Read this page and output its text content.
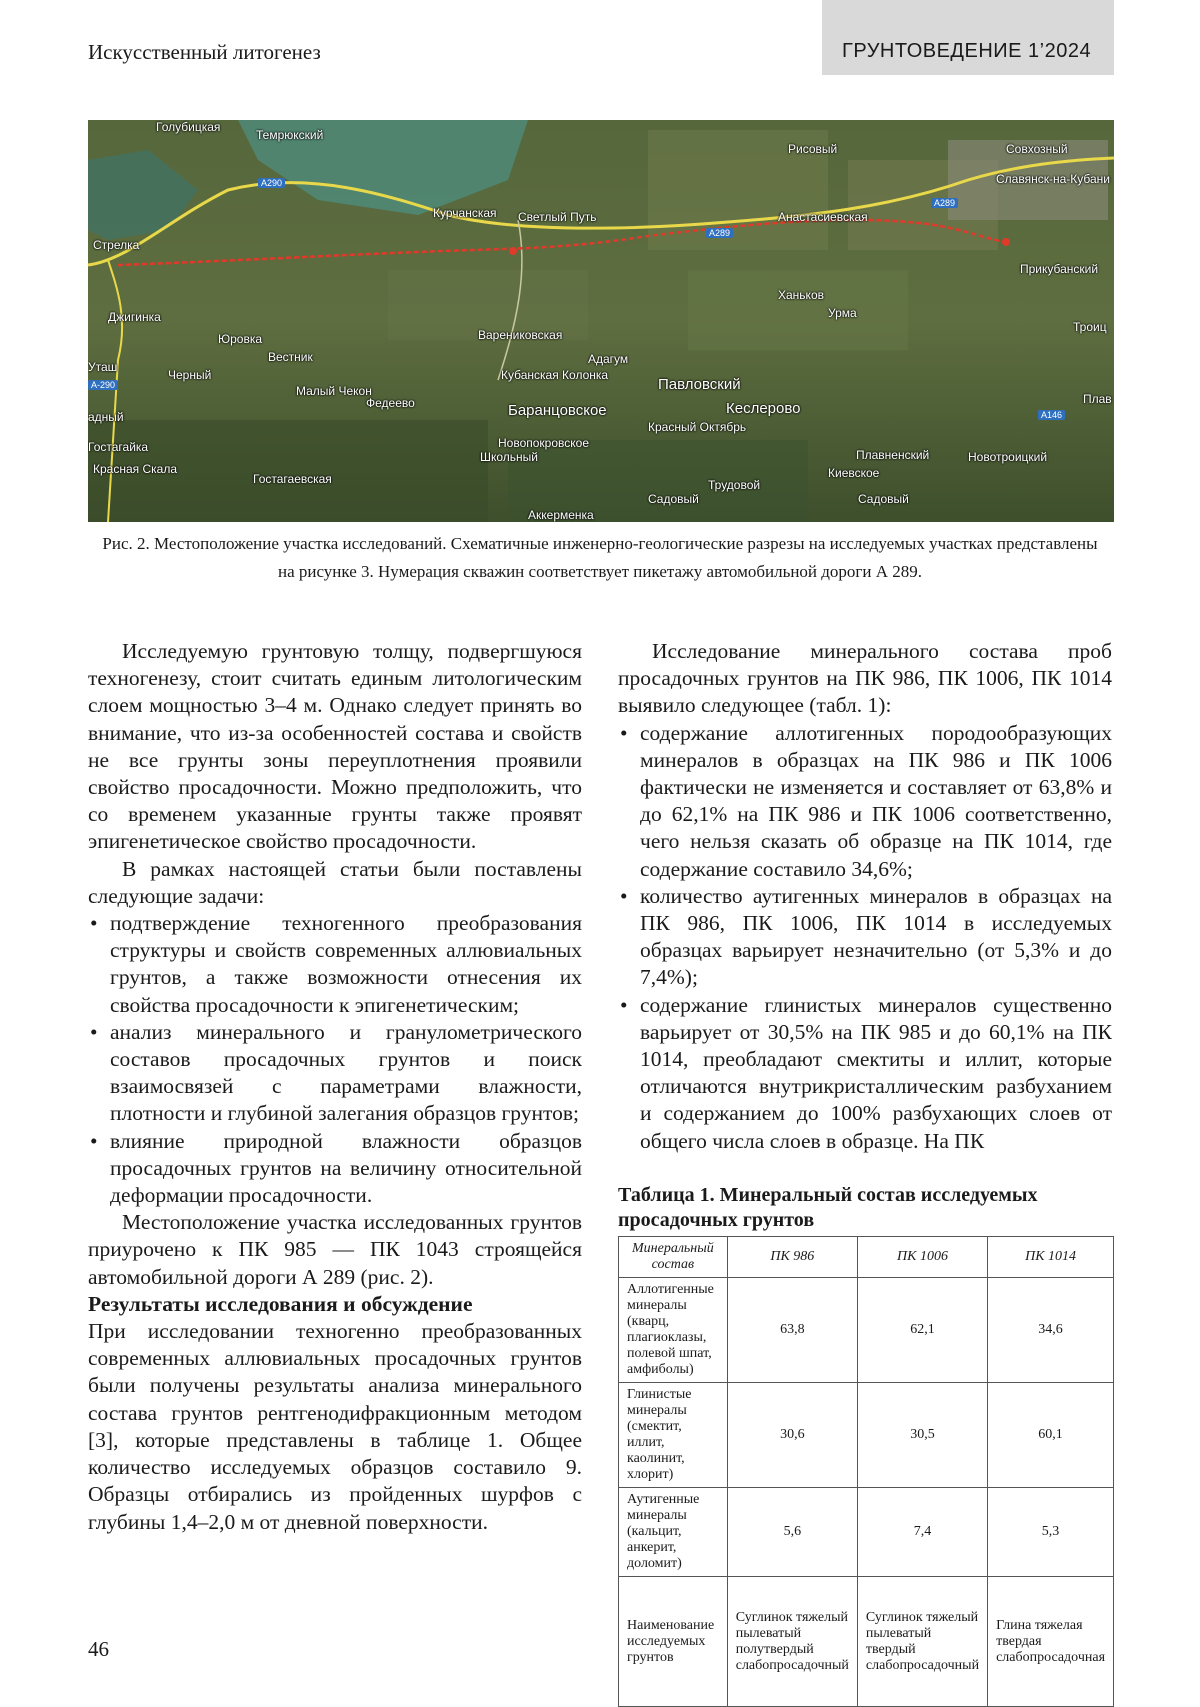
Искусственный литогенез	ГРУНТОВЕДЕНИЕ 1’2024
Голубицкая
Темрюкский
А290
Курчанская Светлый Путь
А289
Анастасиевская
Рисовый	Совхозный
Славянск-на-Кубани
А289
Стрелка
Прикубанский
Ханьков
Урма
Троиц
Джигинка
Юровка	Варениковская
Вестник	Адагум
Уташ
Черный	Кубанская Колонка
А-290	Павловский
Малый Чекон
Федеево	Кеслерово
Плав
Баранцовское	А146
Красный Октябрь
Новопокровское
Гостагайка
Школьный	Плавненский	Новотроицкий
Красная Скала
Гостагаевская	Киевское
Трудовой
Садовый	Садовый
Аккерменка
адный
Рис. 2. Местоположение участка исследований. Схематичные инженерно-геологические разрезы на исследуемых участках представлены на рисунке 3. Нумерация скважин соответствует пикетажу автомобильной дороги А 289.

Исследуемую грунтовую толщу, подвергшуюся техногенезу, стоит считать единым литологическим слоем мощностью 3–4 м. Однако следует принять во внимание, что из-за особенностей состава и свойств не все грунты зоны переуплотнения проявили свойство просадочности. Можно предположить, что со временем указанные грунты также проявят эпигенетическое свойство просадочности.

В рамках настоящей статьи были поставлены следующие задачи:

• подтверждение техногенного преобразования структуры и свойств современных аллювиальных грунтов, а также возможности отнесения их свойства просадочности к эпигенетическим;
• анализ минерального и гранулометрического составов просадочных грунтов и поиск взаимосвязей с параметрами влажности, плотности и глубиной залегания образцов грунтов;
• влияние природной влажности образцов просадочных грунтов на величину относительной деформации просадочности.

Местоположение участка исследованных грунтов приурочено к ПК 985 — ПК 1043 строящейся автомобильной дороги А 289 (рис. 2).

Результаты исследования и обсуждение

При исследовании техногенно преобразованных современных аллювиальных просадочных грунтов были получены результаты анализа минерального состава грунтов рентгенодифракционным методом [3], которые представлены в таблице 1. Общее количество исследуемых образцов составило 9. Образцы отбирались из пройденных шурфов с глубины 1,4–2,0 м от дневной поверхности.

Исследование минерального состава проб просадочных грунтов на ПК 986, ПК 1006, ПК 1014 выявило следующее (табл. 1):

• содержание аллотигенных породообразующих минералов в образцах на ПК 986 и ПК 1006 фактически не изменяется и составляет от 63,8% и до 62,1% на ПК 986 и ПК 1006 соответственно, чего нельзя сказать об образце на ПК 1014, где содержание составило 34,6%;
• количество аутигенных минералов в образцах на ПК 986, ПК 1006, ПК 1014 в исследуемых образцах варьирует незначительно (от 5,3% и до 7,4%);
• содержание глинистых минералов существенно варьирует от 30,5% на ПК 985 и до 60,1% на ПК 1014, преобладают смектиты и иллит, которые отличаются внутрикристаллическим разбуханием и содержанием до 100% разбухающих слоев от общего числа слоев в образце. На ПК
Таблица 1. Минеральный состав исследуемых просадочных грунтов
Минеральный состав	ПК 986	ПК 1006	ПК 1014
Аллотигенные минералы (кварц, плагиоклазы, полевой шпат, амфиболы)	63,8	62,1	34,6
Глинистые минералы (смектит, иллит, каолинит, хлорит)	30,6	30,5	60,1
Аутигенные минералы (кальцит, анкерит, доломит)	5,6	7,4	5,3
Наименование исследуемых грунтов	Суглинок тяжелый пылеватый полутвердый слабопросадочный	Суглинок тяжелый пылеватый твердый слабопросадочный	Глина тяжелая твердая слабопросадочная
46
